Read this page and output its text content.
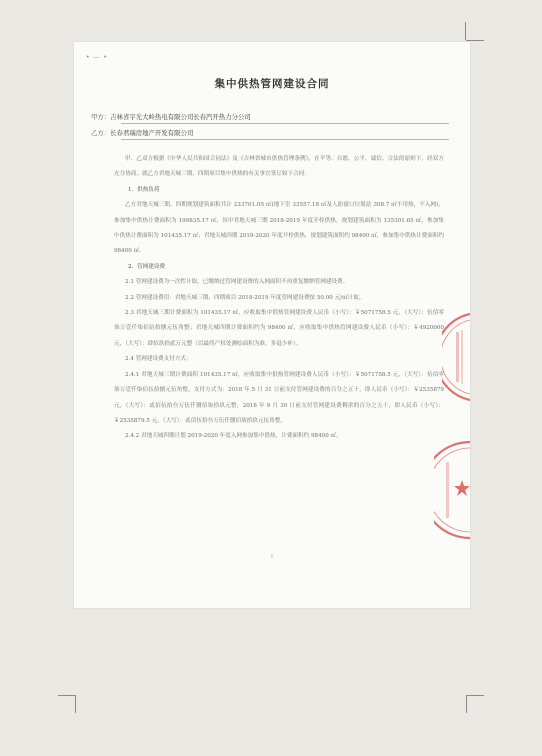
• — •
集中供热管网建设合同
甲方：吉林省宇光大岭热电有限公司长春汽开热力分公司
乙方：长春君瑞房地产开发有限公司

甲、乙双方根据《中华人民共和国合同法》及《吉林省城市供热管理条例》，在平等、自愿、公平、诚信、合法的原则下，经双方充分协商，就乙方君地天城三期、四期项目集中供热的有关事宜签订如下合同：

1．供热负荷

乙方君地天城三期、四期规划建筑面积共计 233701.05 ㎡(地下室 33557.18 ㎡及人防窗口垃圾站 308.7 ㎡不用热，不入网)，参加集中供热计费面积为 199835.17 ㎡。其中君地天城三期 2018-2019 年度开栓供热，规划建筑面积为 135301.65 ㎡，参加集中供热计费面积为 101435.17 ㎡；君地天城四期 2019-2020 年度开栓供热，规划建筑面积约 98400 ㎡，参加集中供热计费面积约 98400 ㎡。

2．管网建设费

2.1 管网建设费为一次性计取，已缴纳过管网建设费的入网面积不再重复缴纳管网建设费。

2.2 管网建设费用：君地天城三期、四期项目 2018-2019 年度管网建设费按 50.00 元/㎡计取。

2.3 君地天城三期计费面积为 101435.17 ㎡，应收取集中供热管网建设费人民币（小写）：￥5071758.5 元，（大写）：伍佰零柒万壹仟柒佰伍拾捌元伍角整；君地天城四期计费面积约为 98400 ㎡，应收取集中供热管网建设费人民币（小写）：￥4920000 元，（大写）：肆佰玖拾贰万元整（以最终产权处测绘面积为准，多退少补）。

2.4 管网建设费支付方式：

2.4.1 君地天城三期计费面积 101435.17 ㎡，应收取集中供热管网建设费人民币（小写）：￥5071758.5 元，（大写）：伍佰零柒万壹仟柒佰伍拾捌元伍角整。支付方式为：2018 年 5 月 31 日前支付管网建设费的百分之五十，即人民币（小写）：￥2535879 元，（大写）：贰佰伍拾叁万伍仟捌佰柒拾玖元整，2018 年 9 月 30 日前支付管网建设费剩余的百分之五十，即人民币（小写）：￥2535879.5 元，（大写）：贰佰伍拾叁万伍仟捌佰柒拾玖元伍角整。

2.4.2 君地天城四期计划 2019-2020 年度入网参加集中供热，计费面积约 98400 ㎡。

1
